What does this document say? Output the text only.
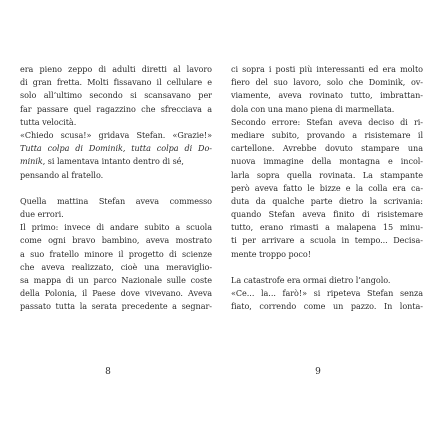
era pieno zeppo di adulti diretti al lavoro
di gran fretta. Molti fissavano il cellulare e
solo all’ultimo secondo si scansavano per
far passare quel ragazzino che sfrecciava a
tutta velocità.
«Chiedo scusa!» gridava Stefan. «Grazie!»
Tutta colpa di Dominik, tutta colpa di Do-
minik, si lamentava intanto dentro di sé,
pensando al fratello.
Quella mattina Stefan aveva commesso
due errori.
Il primo: invece di andare subito a scuola
come ogni bravo bambino, aveva mostrato
a suo fratello minore il progetto di scienze
che aveva realizzato, cioè una meraviglio-
sa mappa di un parco Nazionale sulle coste
della Polonia, il Paese dove vivevano. Aveva
passato tutta la serata precedente a segnar-
8
ci sopra i posti più interessanti ed era molto
fiero del suo lavoro, solo che Dominik, ov-
viamente, aveva rovinato tutto, imbrattan-
dola con una mano piena di marmellata.
Secondo errore: Stefan aveva deciso di ri-
mediare subito, provando a risistemare il
cartellone. Avrebbe dovuto stampare una
nuova immagine della montagna e incol-
larla sopra quella rovinata. La stampante
però aveva fatto le bizze e la colla era ca-
duta da qualche parte dietro la scrivania:
quando Stefan aveva finito di risistemare
tutto, erano rimasti a malapena 15 minu-
ti per arrivare a scuola in tempo... Decisa-
mente troppo poco!
La catastrofe era ormai dietro l’angolo.
«Ce... la... farò!» si ripeteva Stefan senza
fiato, correndo come un pazzo. In lonta-
9
